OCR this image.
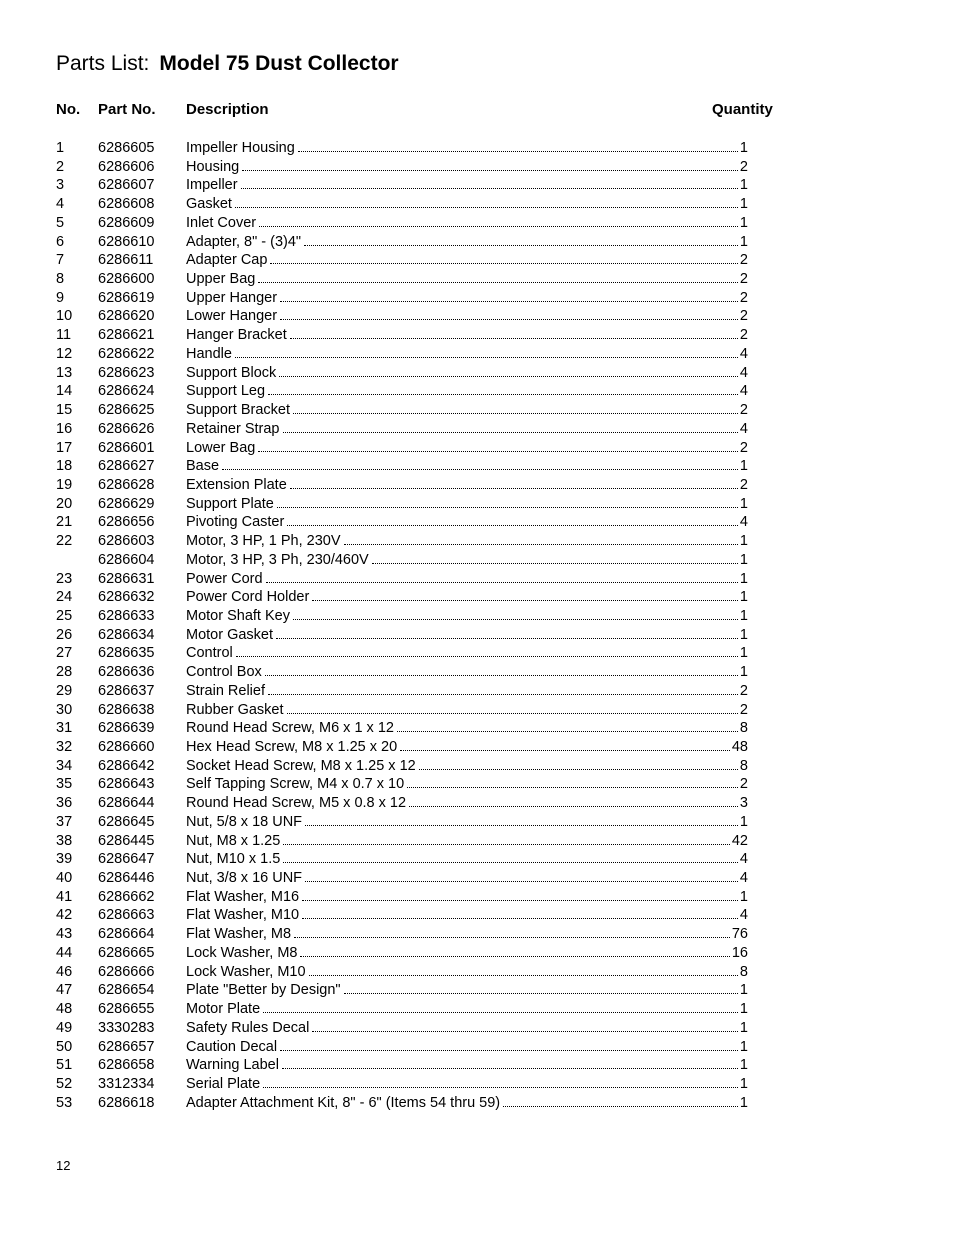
Parts List: Model 75 Dust Collector
No. Part No. Description	Quantity
1 6286605 Impeller Housing	1
2 6286606 Housing	2
3 6286607 Impeller	1
4 6286608 Gasket	1
5 6286609 Inlet Cover	1
6 6286610 Adapter, 8" - (3)4"	1
7 6286611 Adapter Cap	2
8 6286600 Upper Bag	2
9 6286619 Upper Hanger	2
10 6286620 Lower Hanger	2
11 6286621 Hanger Bracket	2
12 6286622 Handle	4
13 6286623 Support Block	4
14 6286624 Support Leg	4
15 6286625 Support Bracket	2
16 6286626 Retainer Strap	4
17 6286601 Lower Bag	2
18 6286627 Base	1
19 6286628 Extension Plate	2
20 6286629 Support Plate	1
21 6286656 Pivoting Caster	4
22 6286603 Motor, 3 HP, 1 Ph, 230V	1
6286604 Motor, 3 HP, 3 Ph, 230/460V	1
23 6286631 Power Cord	1
24 6286632 Power Cord Holder	1
25 6286633 Motor Shaft Key	1
26 6286634 Motor Gasket	1
27 6286635 Control	1
28 6286636 Control Box	1
29 6286637 Strain Relief	2
30 6286638 Rubber Gasket	2
31 6286639 Round Head Screw, M6 x 1 x 12	8
32 6286660 Hex Head Screw, M8 x 1.25 x 20	48
34 6286642 Socket Head Screw, M8 x 1.25 x 12	8
35 6286643 Self Tapping Screw, M4 x 0.7 x 10	2
36 6286644 Round Head Screw, M5 x 0.8 x 12	3
37 6286645 Nut, 5/8 x 18 UNF	1
38 6286445 Nut, M8 x 1.25	42
39 6286647 Nut, M10 x 1.5	4
40 6286446 Nut, 3/8 x 16 UNF	4
41 6286662 Flat Washer, M16	1
42 6286663 Flat Washer, M10	4
43 6286664 Flat Washer, M8	76
44 6286665 Lock Washer, M8	16
46 6286666 Lock Washer, M10	8
47 6286654 Plate "Better by Design"	1
48 6286655 Motor Plate	1
49 3330283 Safety Rules Decal	1
50 6286657 Caution Decal	1
51 6286658 Warning Label	1
52 3312334 Serial Plate	1
53 6286618 Adapter Attachment Kit, 8" - 6" (Items 54 thru 59)	1
12
